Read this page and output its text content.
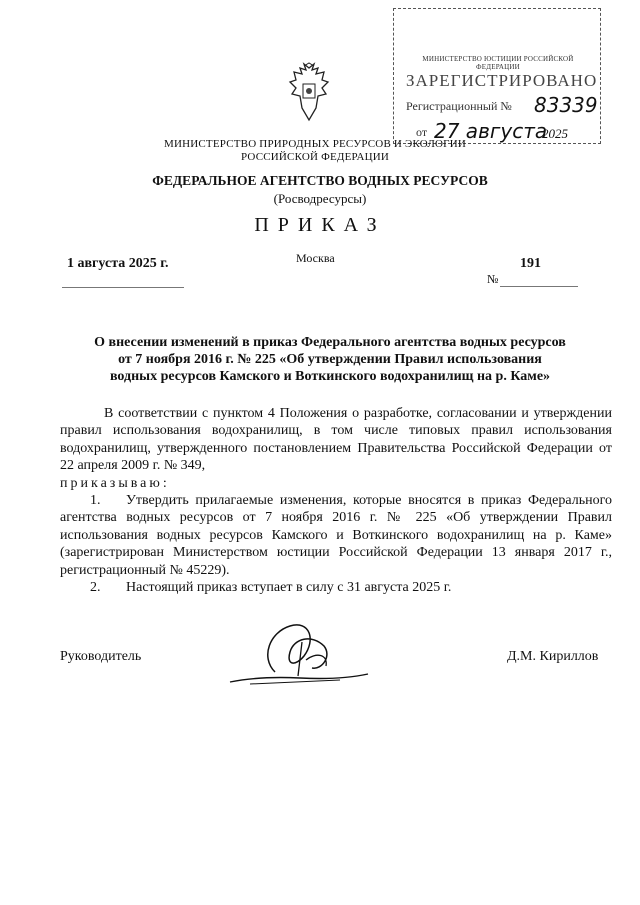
МИНИСТЕРСТВО ЮСТИЦИИ РОССИЙСКОЙ ФЕДЕРАЦИИ
ЗАРЕГИСТРИРОВАНО
Регистрационный № 83339
от 27 августа
2025
МИНИСТЕРСТВО ПРИРОДНЫХ РЕСУРСОВ И ЭКОЛОГИИ
РОССИЙСКОЙ ФЕДЕРАЦИИ
ФЕДЕРАЛЬНОЕ АГЕНТСТВО ВОДНЫХ РЕСУРСОВ
(Росводресурсы)
ПРИКАЗ
1 августа 2025 г.	Москва
№
191
О внесении изменений в приказ Федерального агентства водных ресурсов
от 7 ноября 2016 г. № 225 «Об утверждении Правил использования
водных ресурсов Камского и Воткинского водохранилищ на р. Каме»

В соответствии с пунктом 4 Положения о разработке, согласовании и утверждении правил использования водохранилищ, в том числе типовых правил использования водохранилищ, утвержденного постановлением Правительства Российской Федерации от 22 апреля 2009 г. № 349,

приказываю:

1. Утвердить прилагаемые изменения, которые вносятся в приказ Федерального агентства водных ресурсов от 7 ноября 2016 г. № 225 «Об утверждении Правил использования водных ресурсов Камского и Воткинского водохранилищ на р. Каме» (зарегистрирован Министерством юстиции Российской Федерации 13 января 2017 г., регистрационный № 45229).

2. Настоящий приказ вступает в силу с 31 августа 2025 г.

Руководитель	Д.М. Кириллов
